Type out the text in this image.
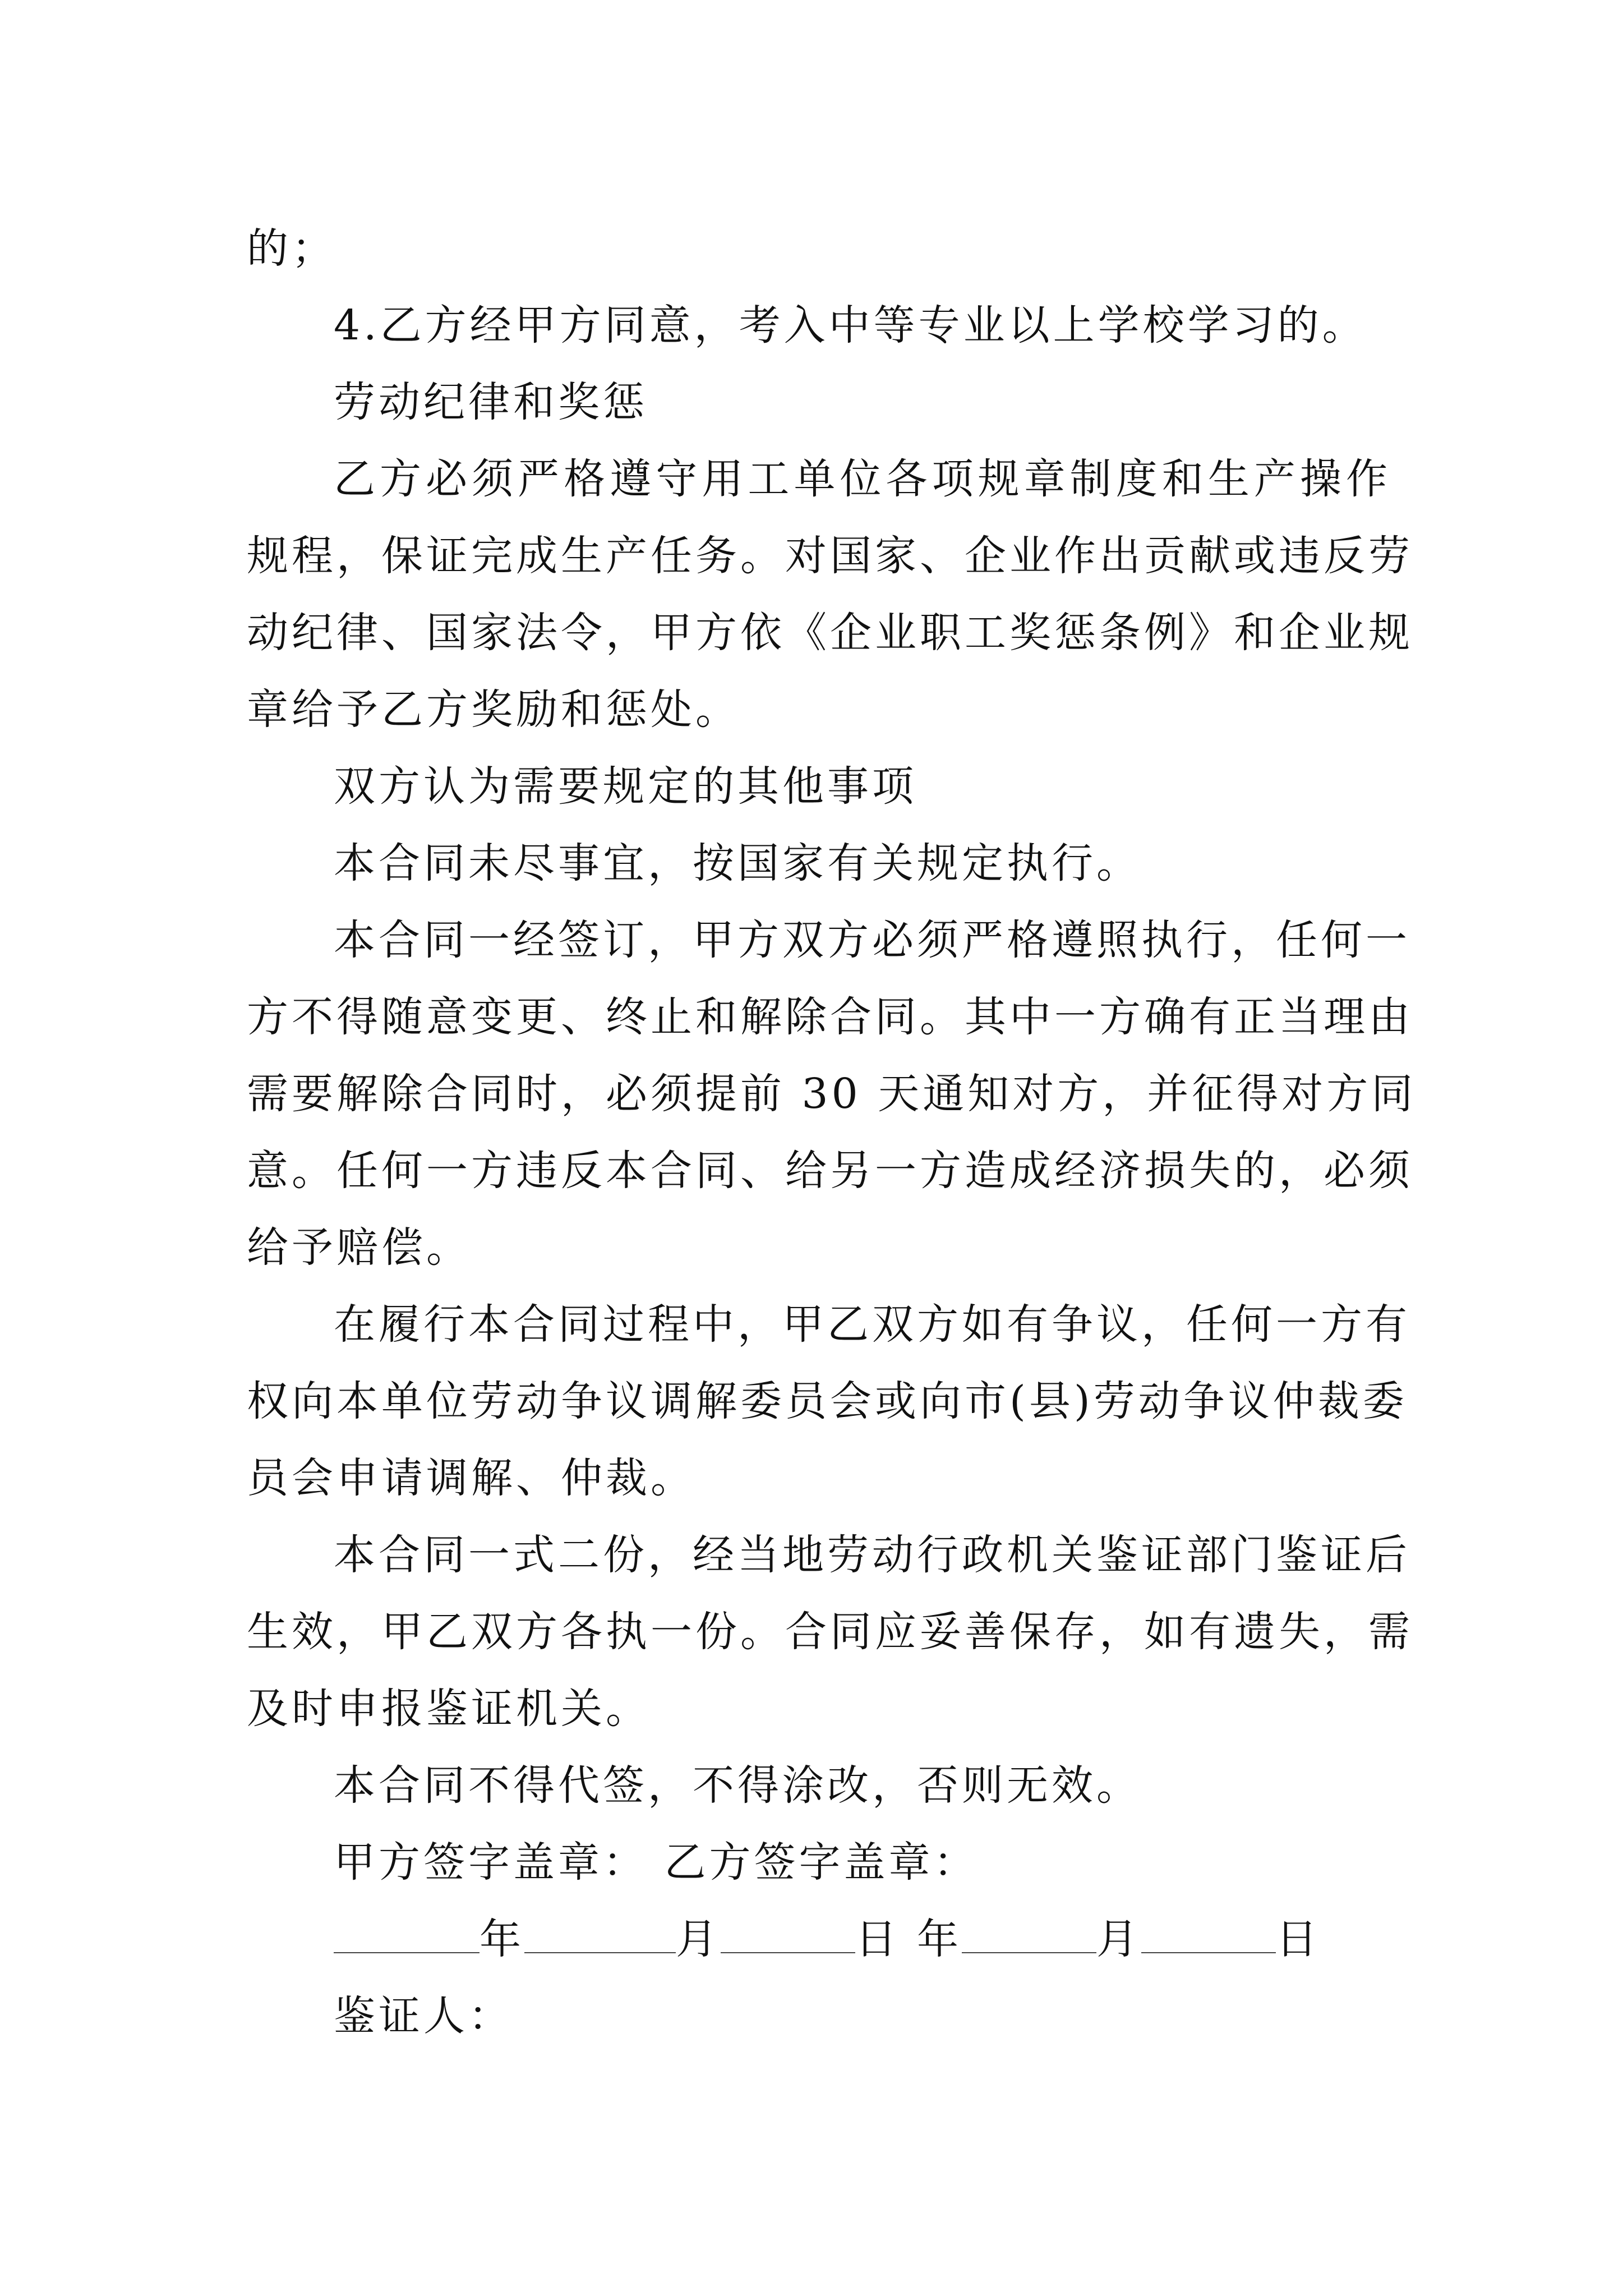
的；
4.乙方经甲方同意，考入中等专业以上学校学习的。
劳动纪律和奖惩
乙方必须严格遵守用工单位各项规章制度和生产操作
规程，保证完成生产任务。对国家、企业作出贡献或违反劳
动纪律、国家法令，甲方依《企业职工奖惩条例》和企业规
章给予乙方奖励和惩处。
双方认为需要规定的其他事项
本合同未尽事宜，按国家有关规定执行。
本合同一经签订，甲方双方必须严格遵照执行，任何一
方不得随意变更、终止和解除合同。其中一方确有正当理由
需要解除合同时，必须提前 30 天通知对方，并征得对方同
意。任何一方违反本合同、给另一方造成经济损失的，必须
给予赔偿。
在履行本合同过程中，甲乙双方如有争议，任何一方有
权向本单位劳动争议调解委员会或向市(县)劳动争议仲裁委
员会申请调解、仲裁。
本合同一式二份，经当地劳动行政机关鉴证部门鉴证后
生效，甲乙双方各执一份。合同应妥善保存，如有遗失，需
及时申报鉴证机关。
本合同不得代签，不得涂改，否则无效。
甲方签字盖章： 乙方签字盖章：
年	月	日 年	月	日
鉴证人：
